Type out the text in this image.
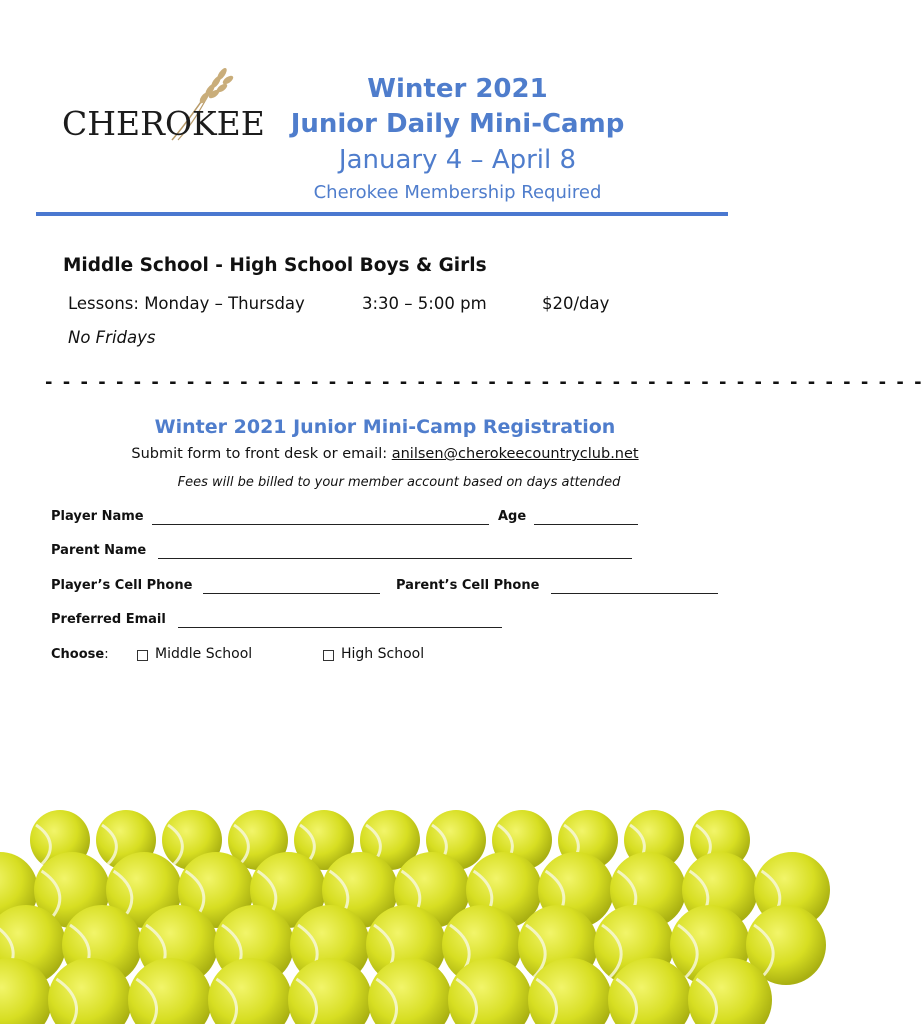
CHEROKEE
Winter 2021
Junior Daily Mini-Camp
January 4 – April 8
Cherokee Membership Required
Middle School - High School Boys & Girls
Lessons: Monday – Thursday	3:30 – 5:00 pm	$20/day
No Fridays
- - - - - - - - - - - - - - - - - - - - - - - - - - - - - - - - - - - - - - - - - - - - - - - - - -
Winter 2021 Junior Mini-Camp Registration
Submit form to front desk or email: anilsen@cherokeecountryclub.net
Fees will be billed to your member account based on days attended
Player Name	Age
Parent Name
Player’s Cell Phone	Parent’s Cell Phone
Preferred Email
Choose:	Middle School	High School
